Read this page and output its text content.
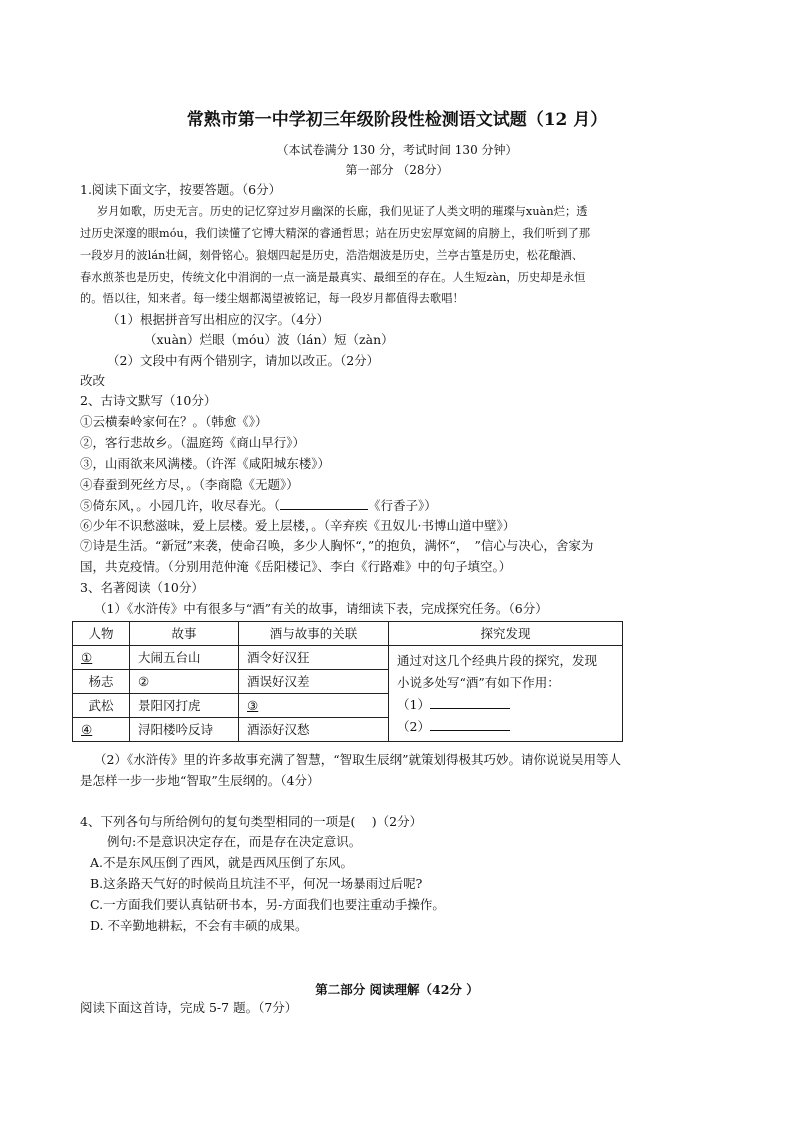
常熟市第一中学初三年级阶段性检测语文试题（12 月）
（本试卷满分 130 分，考试时间 130 分钟）
第一部分 （28分）
1.阅读下面文字，按要答题。（6分）
岁月如歌，历史无言。历史的记忆穿过岁月幽深的长廊，我们见证了人类文明的璀璨与xuàn烂；透
过历史深邃的眼móu，我们读懂了它博大精深的睿通哲思；站在历史宏厚宽阔的肩膀上，我们听到了那
一段岁月的波lán壮阔，刻骨铭心。狼烟四起是历史，浩浩烟波是历史，兰亭古篁是历史，松花酿酒、
春水煎茶也是历史，传统文化中涓润的一点一滴是最真实、最细至的存在。人生短zàn，历史却是永恒
的。悟以往，知来者。每一缕尘烟都渴望被铭记，每一段岁月都值得去歌唱！
（1）根据拼音写出相应的汉字。（4分）
（xuàn）烂眼（móu）波（lán）短（zàn）
（2）文段中有两个错别字，请加以改正。（2分）
改改
2、古诗文默写（10分）
①云横秦岭家何在？。（韩愈《》）
②，客行悲故乡。（温庭筠《商山早行》）
③，山雨欲来风满楼。（许浑《咸阳城东楼》）
④春蚕到死丝方尽，。（李商隐《无题》）
⑤倚东风，。小园几许，收尽春光。（	《行香子》）
⑥少年不识愁滋味，爱上层楼。爱上层楼，。（辛弃疾《丑奴儿·书博山道中壁》）
⑦诗是生活。“新冠”来袭，使命召唤，多少人胸怀“，”的抱负，满怀“，　”信心与决心，舍家为
国，共克疫情。（分别用范仲淹《岳阳楼记》、李白《行路难》中的句子填空。）
3、名著阅读（10分）
（1）《水浒传》中有很多与“酒”有关的故事，请细读下表，完成探究任务。（6分）
人物	故事	酒与故事的关联	探究发现
①	大闹五台山	酒令好汉狂	通过对这几个经典片段的探究，发现
小说多处写“酒”有如下作用：
（1）
（2）

杨志	②	酒误好汉差	
武松	景阳冈打虎	③	
④	浔阳楼吟反诗	酒添好汉愁	
（2）《水浒传》里的许多故事充满了智慧，“智取生辰纲”就策划得极其巧妙。请你说说吴用等人
是怎样一步一步地“智取”生辰纲的。（4分）
4、下列各句与所给例句的复句类型相同的一项是(　 )（2分）
例句:不是意识决定存在，而是存在决定意识。
A.不是东风压倒了西风，就是西风压倒了东风。
B.这条路天气好的时候尚且坑洼不平，何况一场暴雨过后呢?
C.一方面我们要认真钻研书本，另-方面我们也要注重动手操作。
D. 不辛勤地耕耘，不会有丰硕的成果。
第二部分 阅读理解（42分 ）
阅读下面这首诗，完成 5-7 题。（7分）
